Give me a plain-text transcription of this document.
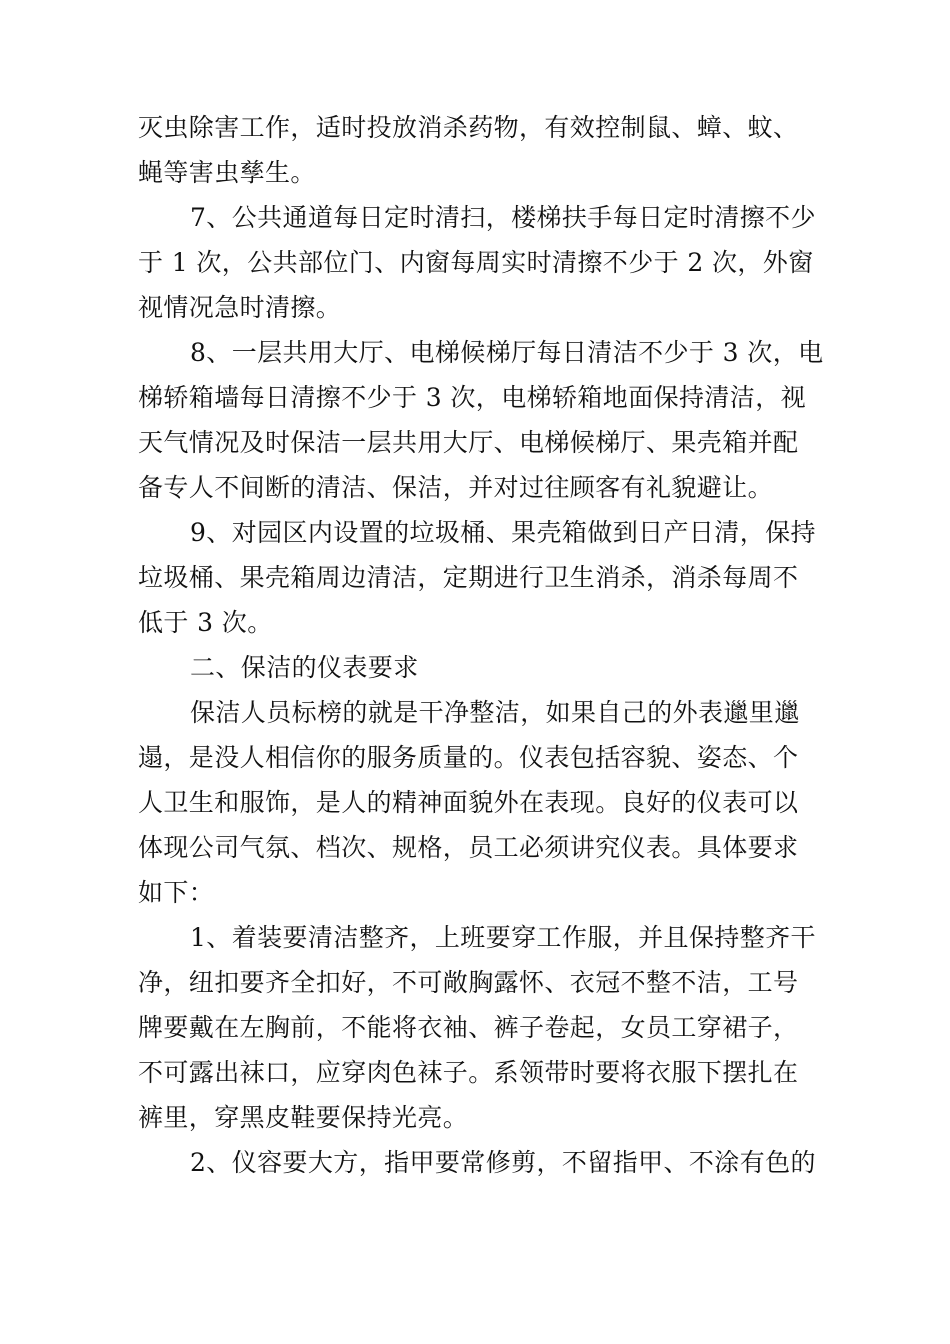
灭虫除害工作，适时投放消杀药物，有效控制鼠、蟑、蚊、
蝇等害虫孳生。
7、公共通道每日定时清扫，楼梯扶手每日定时清擦不少
于 1 次，公共部位门、内窗每周实时清擦不少于 2 次，外窗
视情况急时清擦。
8、一层共用大厅、电梯候梯厅每日清洁不少于 3 次，电
梯轿箱墙每日清擦不少于 3 次，电梯轿箱地面保持清洁，视
天气情况及时保洁一层共用大厅、电梯候梯厅、果壳箱并配
备专人不间断的清洁、保洁，并对过往顾客有礼貌避让。
9、对园区内设置的垃圾桶、果壳箱做到日产日清，保持
垃圾桶、果壳箱周边清洁，定期进行卫生消杀，消杀每周不
低于 3 次。
二、保洁的仪表要求
保洁人员标榜的就是干净整洁，如果自己的外表邋里邋
遢，是没人相信你的服务质量的。仪表包括容貌、姿态、个
人卫生和服饰，是人的精神面貌外在表现。良好的仪表可以
体现公司气氛、档次、规格，员工必须讲究仪表。具体要求
如下：
1、着装要清洁整齐，上班要穿工作服，并且保持整齐干
净，纽扣要齐全扣好，不可敞胸露怀、衣冠不整不洁，工号
牌要戴在左胸前，不能将衣袖、裤子卷起，女员工穿裙子，
不可露出袜口，应穿肉色袜子。系领带时要将衣服下摆扎在
裤里，穿黑皮鞋要保持光亮。
2、仪容要大方，指甲要常修剪，不留指甲、不涂有色的
